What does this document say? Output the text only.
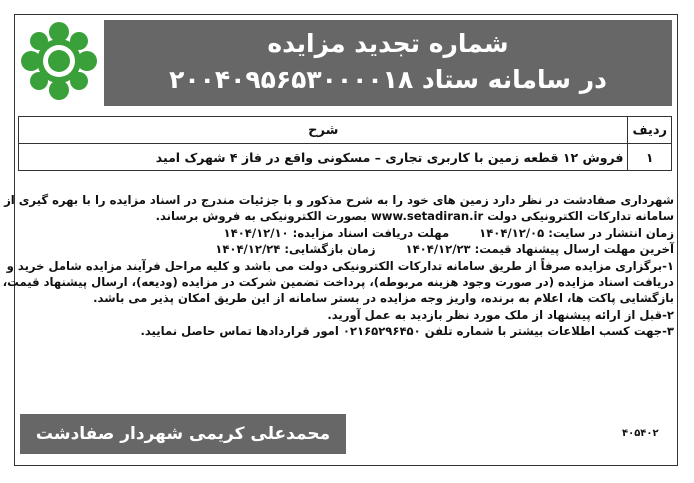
شماره تجدید مزایده
در سامانه ستاد ۲۰۰۴۰۹۵۶۵۳۰۰۰۰۱۸
ردیف	شرح
۱	فروش ۱۲ قطعه زمین با کاربری تجاری – مسکونی واقع در فاز ۴ شهرک امید

شهرداری صفادشت در نظر دارد زمین های خود را به شرح مذکور و با جزئیات مندرج در اسناد مزایده را با بهره گیری از

سامانه تدارکات الکترونیکی دولت www.setadiran.ir بصورت الکترونیکی به فروش برساند.

زمان انتشار در سایت: ۱۴۰۴/۱۲/۰۵

مهلت دریافت اسناد مزایده: ۱۴۰۴/۱۲/۱۰

آخرین مهلت ارسال پیشنهاد قیمت: ۱۴۰۴/۱۲/۲۳

زمان بازگشایی: ۱۴۰۴/۱۲/۲۴

۱-برگزاری مزایده صرفاً از طریق سامانه تدارکات الکترونیکی دولت می باشد و کلیه مراحل فرآیند مزایده شامل خرید و

دریافت اسناد مزایده (در صورت وجود هزینه مربوطه)، پرداخت تضمین شرکت در مزایده (ودیعه)، ارسال پیشنهاد قیمت،

بازگشایی پاکت ها، اعلام به برنده، واریز وجه مزایده در بستر سامانه از این طریق امکان پذیر می باشد.

۲-قبل از ارائه پیشنهاد از ملک مورد نظر بازدید به عمل آورید.

۳-جهت کسب اطلاعات بیشتر با شماره تلفن ۰۲۱۶۵۲۹۶۴۵۰ امور قراردادها تماس حاصل نمایید.

محمدعلی کریمی شهردار صفادشت	۴۰۵۴۰۲
